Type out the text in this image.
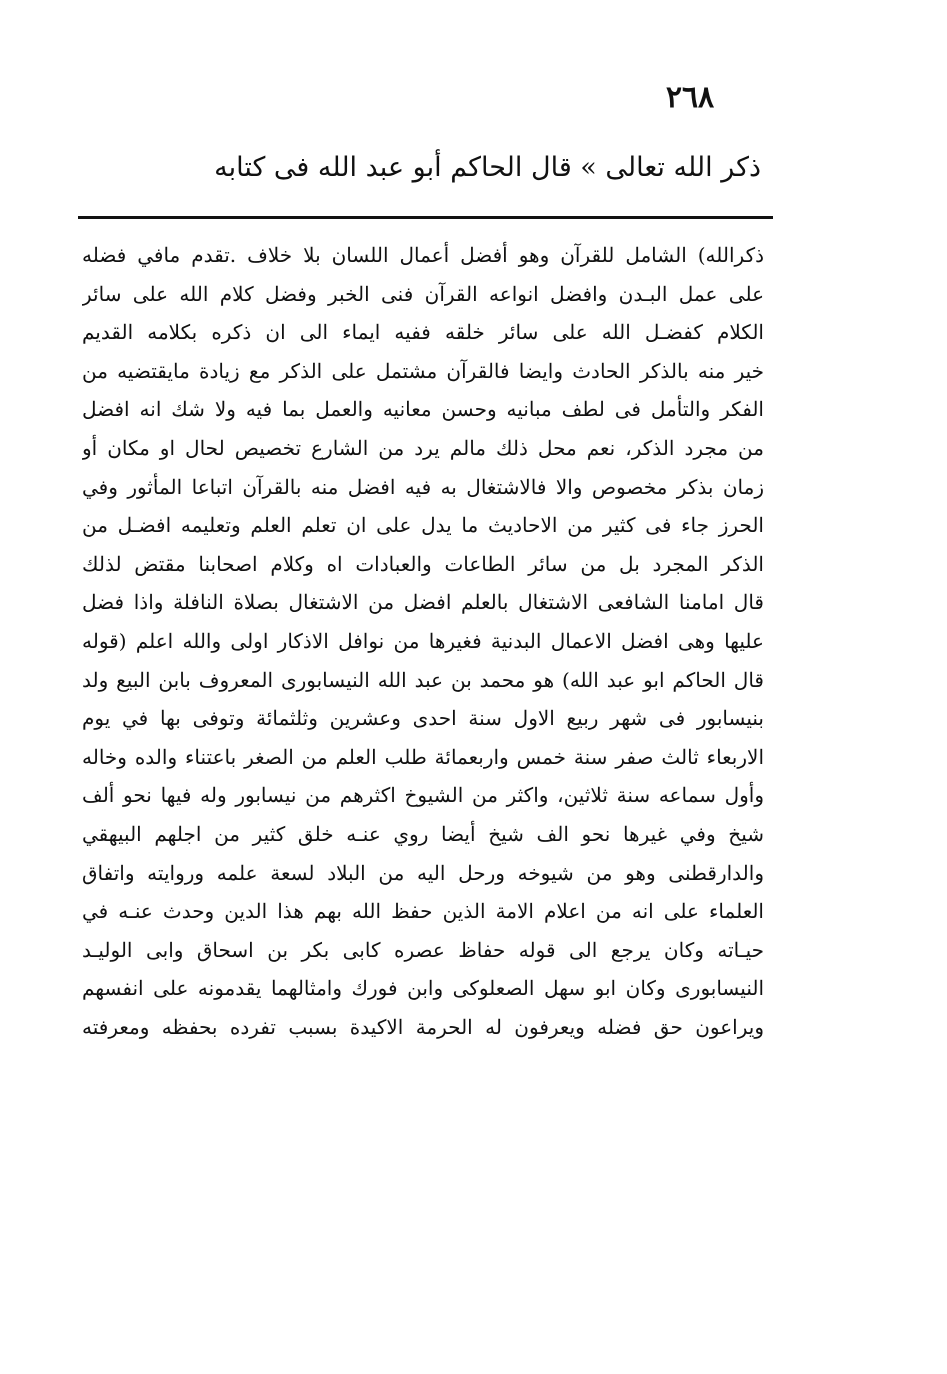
٢٦٨
ذكر الله تعالى » قال الحاكم أبو عبد الله فى كتابه
ذكرالله) الشامل للقرآن وهو أفضل أعمال اللسان بلا خلاف .تقدم مافي فضله
على عمل البـدن وافضل انواعه القرآن فنى الخبر وفضل كلام الله على سائر
الكلام كفضـل الله على سائر خلقه ففيه ايماء الى ان ذكره بكلامه القديم
خير منه بالذكر الحادث وايضا فالقرآن مشتمل على الذكر مع زيادة مايقتضيه من
الفكر والتأمل فى لطف مبانيه وحسن معانيه والعمل بما فيه ولا شك انه افضل
من مجرد الذكر، نعم محل ذلك مالم يرد من الشارع تخصيص لحال او مكان أو
زمان بذكر مخصوص والا فالاشتغال به فيه افضل منه بالقرآن اتباعا المأثور وفي
الحرز جاء فى كثير من الاحاديث ما يدل على ان تعلم العلم وتعليمه افضـل من
الذكر المجرد بل من سائر الطاعات والعبادات اه وكلام اصحابنا مقتض لذلك
قال امامنا الشافعى الاشتغال بالعلم افضل من الاشتغال بصلاة النافلة واذا فضل
عليها وهى افضل الاعمال البدنية فغيرها من نوافل الاذكار اولى والله اعلم (قوله
قال الحاكم ابو عبد الله) هو محمد بن عبد الله النيسابورى المعروف بابن البيع ولد
بنيسابور فى شهر ربيع الاول سنة احدى وعشرين وثلثمائة وتوفى بها في يوم
الاربعاء ثالث صفر سنة خمس واربعمائة طلب العلم من الصغر باعتناء والده وخاله
وأول سماعه سنة ثلاثين، واكثر من الشيوخ اكثرهم من نيسابور وله فيها نحو ألف
شيخ وفي غيرها نحو الف شيخ أيضا روي عنـه خلق كثير من اجلهم البيهقي
والدارقطنى وهو من شيوخه ورحل اليه من البلاد لسعة علمه وروايته واتفاق
العلماء على انه من اعلام الامة الذين حفظ الله بهم هذا الدين وحدث عنـه في
حيـاته وكان يرجع الى قوله حفاظ عصره كابى بكر بن اسحاق وابى الوليـد
النيسابورى وكان ابو سهل الصعلوكى وابن فورك وامثالهما يقدمونه على انفسهم
ويراعون حق فضله ويعرفون له الحرمة الاكيدة بسبب تفرده بحفظه ومعرفته
